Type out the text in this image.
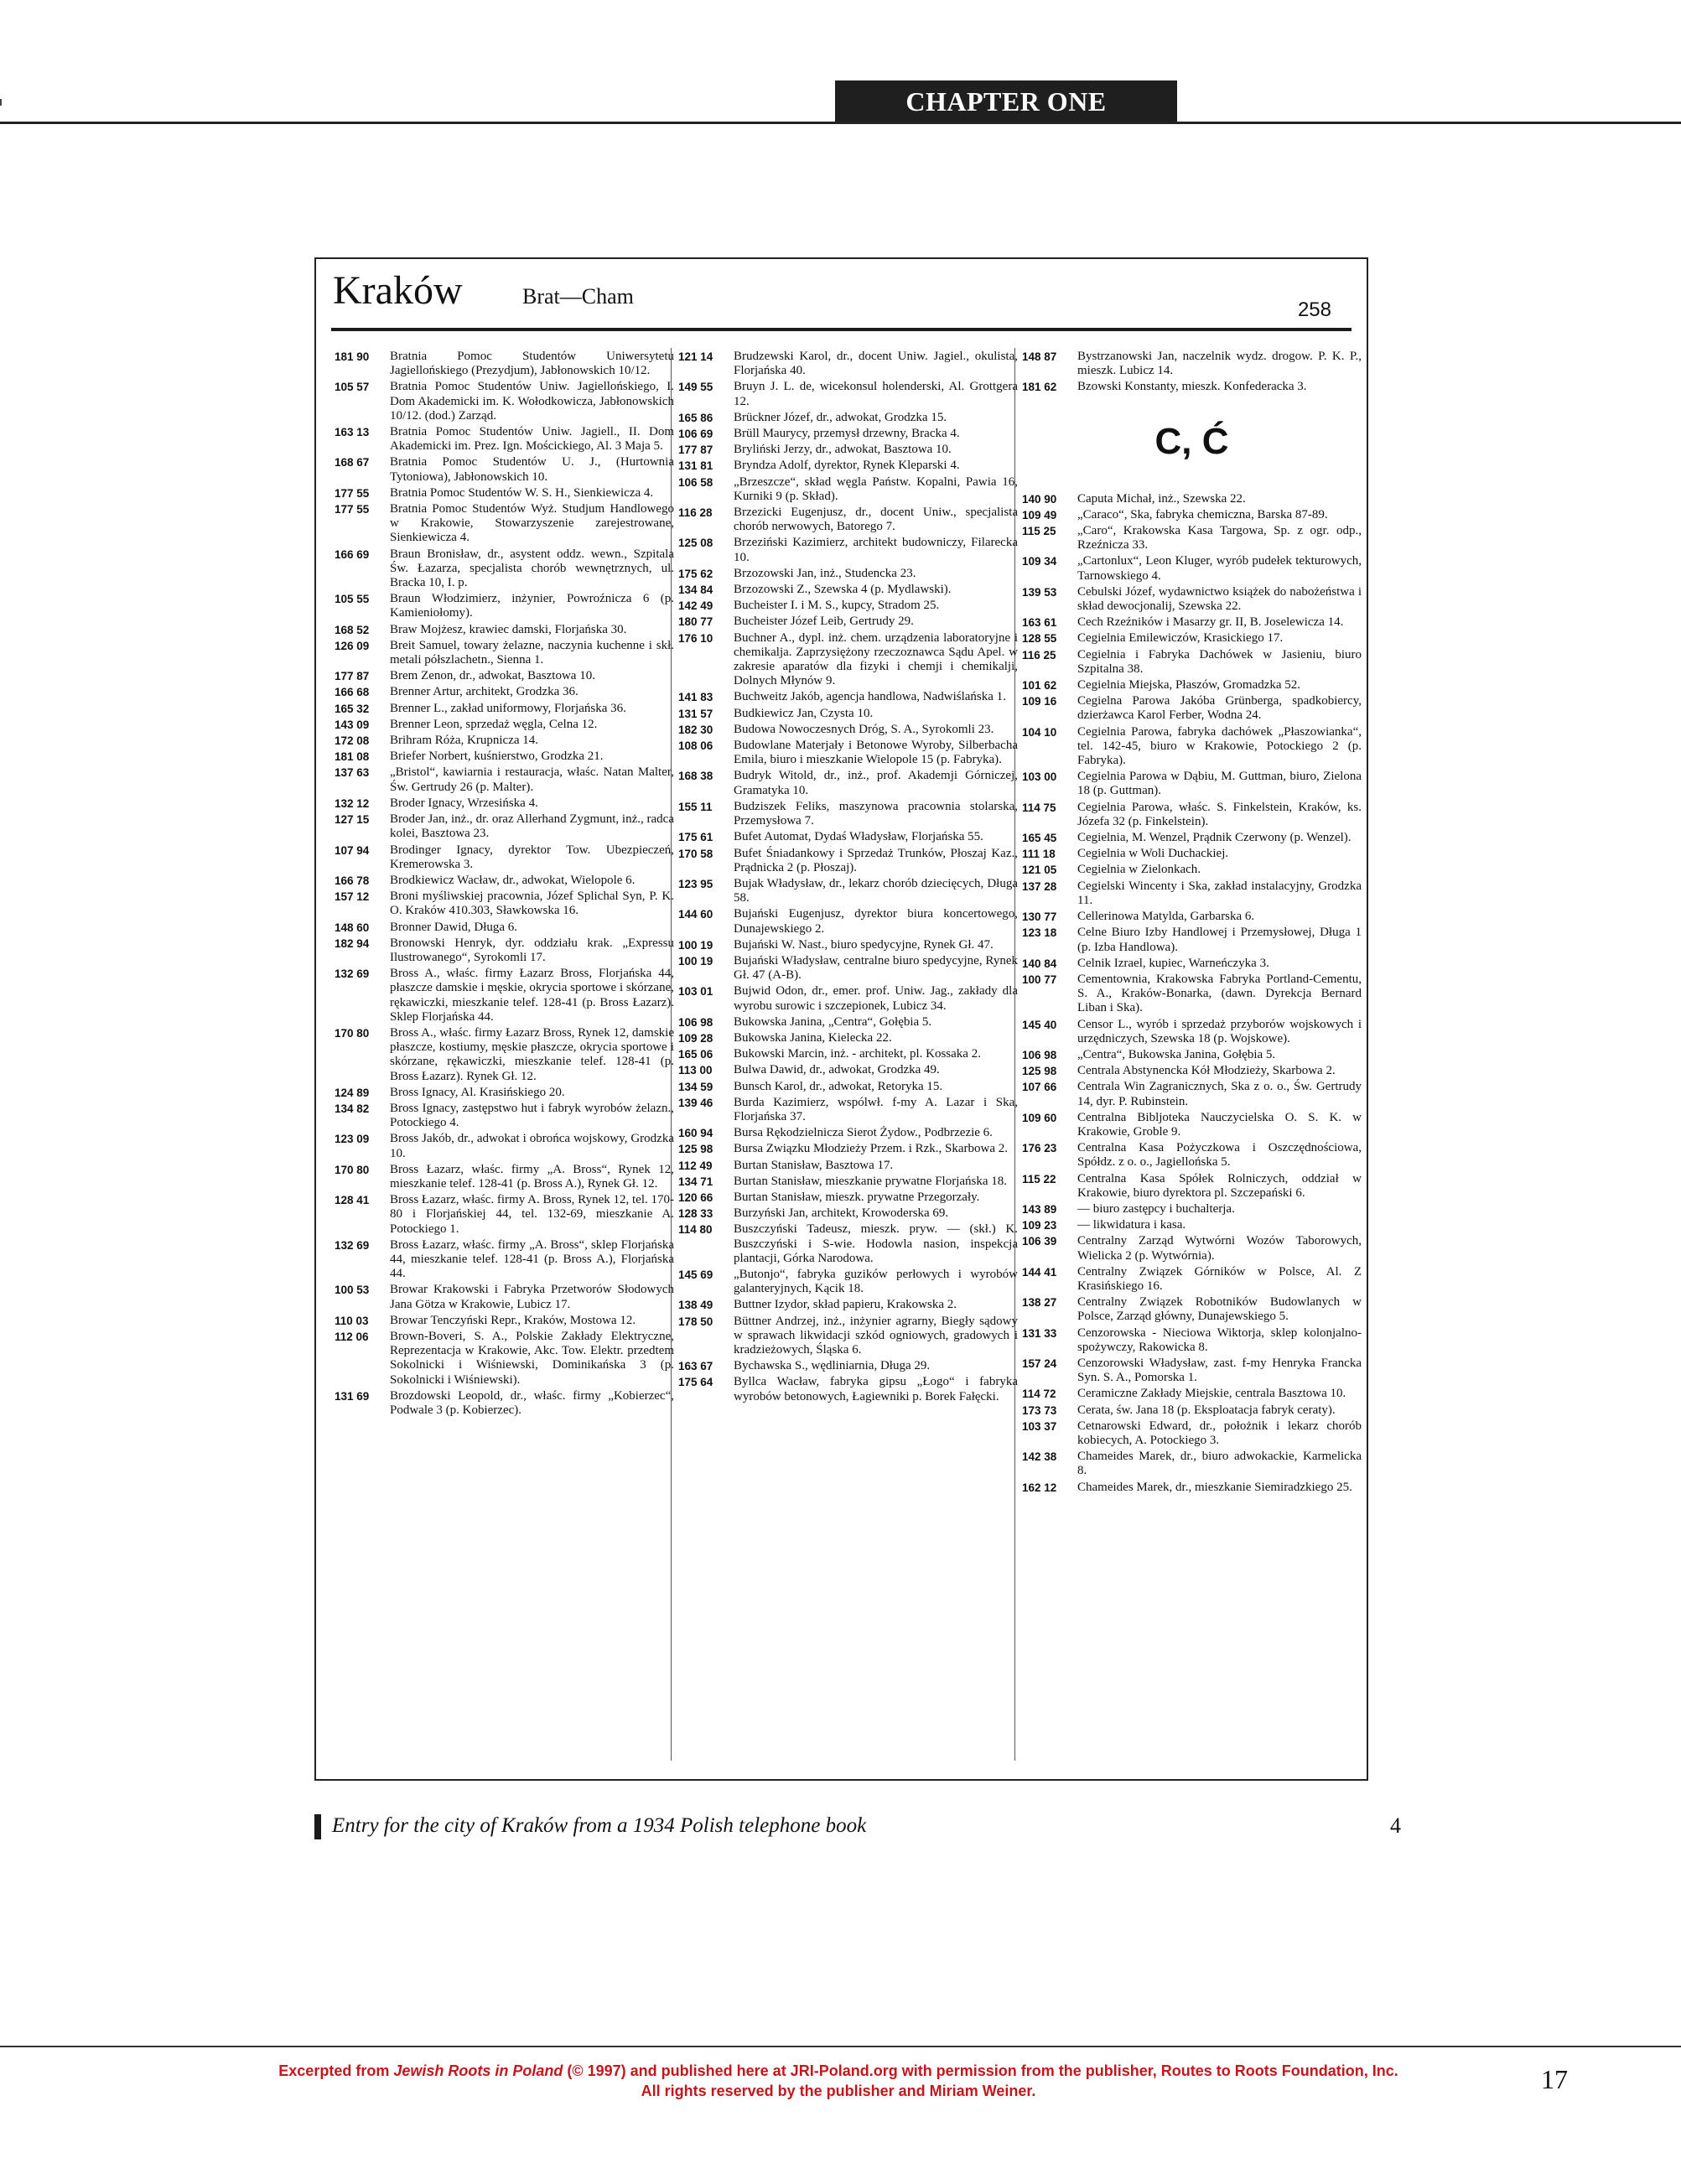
CHAPTER ONE
Kraków	Brat—Cham
258
181 90	Bratnia Pomoc Studentów Uniwersytetu Jagiellońskiego (Prezydjum), Jabłonowskich 10/12.
105 57	Bratnia Pomoc Studentów Uniw. Jagiellońskiego, I. Dom Akademicki im. K. Wołodkowicza, Jabłonowskich 10/12. (dod.) Zarząd.
163 13	Bratnia Pomoc Studentów Uniw. Jagiell., II. Dom Akademicki im. Prez. Ign. Mościckiego, Al. 3 Maja 5.
168 67	Bratnia Pomoc Studentów U. J., (Hurtownia Tytoniowa), Jabłonowskich 10.
177 55	Bratnia Pomoc Studentów W. S. H., Sienkiewicza 4.
177 55	Bratnia Pomoc Studentów Wyż. Studjum Handlowego w Krakowie, Stowarzyszenie zarejestrowane, Sienkiewicza 4.
166 69	Braun Bronisław, dr., asystent oddz. wewn., Szpitala Św. Łazarza, specjalista chorób wewnętrznych, ul. Bracka 10, I. p.
105 55	Braun Włodzimierz, inżynier, Powroźnicza 6 (p. Kamieniołomy).
168 52	Braw Mojżesz, krawiec damski, Florjańska 30.
126 09	Breit Samuel, towary żelazne, naczynia kuchenne i skł. metali półszlachetn., Sienna 1.
177 87	Brem Zenon, dr., adwokat, Basztowa 10.
166 68	Brenner Artur, architekt, Grodzka 36.
165 32	Brenner L., zakład uniformowy, Florjańska 36.
143 09	Brenner Leon, sprzedaż węgla, Celna 12.
172 08	Brihram Róża, Krupnicza 14.
181 08	Briefer Norbert, kuśnierstwo, Grodzka 21.
137 63	„Bristol“, kawiarnia i restauracja, właśc. Natan Malter, Św. Gertrudy 26 (p. Malter).
132 12	Broder Ignacy, Wrzesińska 4.
127 15	Broder Jan, inż., dr. oraz Allerhand Zygmunt, inż., radca kolei, Basztowa 23.
107 94	Brodinger Ignacy, dyrektor Tow. Ubezpieczeń, Kremerowska 3.
166 78	Brodkiewicz Wacław, dr., adwokat, Wielopole 6.
157 12	Broni myśliwskiej pracownia, Józef Splichal Syn, P. K. O. Kraków 410.303, Sławkowska 16.
148 60	Bronner Dawid, Długa 6.
182 94	Bronowski Henryk, dyr. oddziału krak. „Expressu Ilustrowanego“, Syrokomli 17.
132 69	Bross A., właśc. firmy Łazarz Bross, Florjańska 44, płaszcze damskie i męskie, okrycia sportowe i skórzane, rękawiczki, mieszkanie telef. 128-41 (p. Bross Łazarz). Sklep Florjańska 44.
170 80	Bross A., właśc. firmy Łazarz Bross, Rynek 12, damskie płaszcze, kostiumy, męskie płaszcze, okrycia sportowe i skórzane, rękawiczki, mieszkanie telef. 128-41 (p. Bross Łazarz). Rynek Gł. 12.
124 89	Bross Ignacy, Al. Krasińskiego 20.
134 82	Bross Ignacy, zastępstwo hut i fabryk wyrobów żelazn., Potockiego 4.
123 09	Bross Jakób, dr., adwokat i obrońca wojskowy, Grodzka 10.
170 80	Bross Łazarz, właśc. firmy „A. Bross“, Rynek 12, mieszkanie telef. 128-41 (p. Bross A.), Rynek Gł. 12.
128 41	Bross Łazarz, właśc. firmy A. Bross, Rynek 12, tel. 170-80 i Florjańskiej 44, tel. 132-69, mieszkanie A. Potockiego 1.
132 69	Bross Łazarz, właśc. firmy „A. Bross“, sklep Florjańska 44, mieszkanie telef. 128-41 (p. Bross A.), Florjańska 44.
100 53	Browar Krakowski i Fabryka Przetworów Słodowych Jana Götza w Krakowie, Lubicz 17.
110 03	Browar Tenczyński Repr., Kraków, Mostowa 12.
112 06	Brown-Boveri, S. A., Polskie Zakłady Elektryczne, Reprezentacja w Krakowie, Akc. Tow. Elektr. przedtem Sokolnicki i Wiśniewski, Dominikańska 3 (p. Sokolnicki i Wiśniewski).
131 69	Brozdowski Leopold, dr., właśc. firmy „Kobierzec“, Podwale 3 (p. Kobierzec).
121 14	Brudzewski Karol, dr., docent Uniw. Jagiel., okulista, Florjańska 40.
149 55	Bruyn J. L. de, wicekonsul holenderski, Al. Grottgera 12.
165 86	Brückner Józef, dr., adwokat, Grodzka 15.
106 69	Brüll Maurycy, przemysł drzewny, Bracka 4.
177 87	Bryliński Jerzy, dr., adwokat, Basztowa 10.
131 81	Bryndza Adolf, dyrektor, Rynek Kleparski 4.
106 58	„Brzeszcze“, skład węgla Państw. Kopalni, Pawia 16, Kurniki 9 (p. Skład).
116 28	Brzezicki Eugenjusz, dr., docent Uniw., specjalista chorób nerwowych, Batorego 7.
125 08	Brzeziński Kazimierz, architekt budowniczy, Filarecka 10.
175 62	Brzozowski Jan, inż., Studencka 23.
134 84	Brzozowski Z., Szewska 4 (p. Mydlawski).
142 49	Bucheister I. i M. S., kupcy, Stradom 25.
180 77	Bucheister Józef Leib, Gertrudy 29.
176 10	Buchner A., dypl. inż. chem. urządzenia laboratoryjne i chemikalja. Zaprzysiężony rzeczoznawca Sądu Apel. w zakresie aparatów dla fizyki i chemji i chemikalji, Dolnych Młynów 9.
141 83	Buchweitz Jakób, agencja handlowa, Nadwiślańska 1.
131 57	Budkiewicz Jan, Czysta 10.
182 30	Budowa Nowoczesnych Dróg, S. A., Syrokomli 23.
108 06	Budowlane Materjały i Betonowe Wyroby, Silberbacha Emila, biuro i mieszkanie Wielopole 15 (p. Fabryka).
168 38	Budryk Witold, dr., inż., prof. Akademji Górniczej, Gramatyka 10.
155 11	Budziszek Feliks, maszynowa pracownia stolarska, Przemysłowa 7.
175 61	Bufet Automat, Dydaś Władysław, Florjańska 55.
170 58	Bufet Śniadankowy i Sprzedaż Trunków, Płoszaj Kaz., Prądnicka 2 (p. Płoszaj).
123 95	Bujak Władysław, dr., lekarz chorób dziecięcych, Długa 58.
144 60	Bujański Eugenjusz, dyrektor biura koncertowego, Dunajewskiego 2.
100 19	Bujański W. Nast., biuro spedycyjne, Rynek Gł. 47.
100 19	Bujański Władysław, centralne biuro spedycyjne, Rynek Gł. 47 (A-B).
103 01	Bujwid Odon, dr., emer. prof. Uniw. Jag., zakłady dla wyrobu surowic i szczepionek, Lubicz 34.
106 98	Bukowska Janina, „Centra“, Gołębia 5.
109 28	Bukowska Janina, Kielecka 22.
165 06	Bukowski Marcin, inż. - architekt, pl. Kossaka 2.
113 00	Bulwa Dawid, dr., adwokat, Grodzka 49.
134 59	Bunsch Karol, dr., adwokat, Retoryka 15.
139 46	Burda Kazimierz, wspólwł. f-my A. Lazar i Ska, Florjańska 37.
160 94	Bursa Rękodzielnicza Sierot Żydow., Podbrzezie 6.
125 98	Bursa Związku Młodzieży Przem. i Rzk., Skarbowa 2.
112 49	Burtan Stanisław, Basztowa 17.
134 71	Burtan Stanisław, mieszkanie prywatne Florjańska 18.
120 66	Burtan Stanisław, mieszk. prywatne Przegorzały.
128 33	Burzyński Jan, architekt, Krowoderska 69.
114 80	Buszczyński Tadeusz, mieszk. pryw. — (skł.) K. Buszczyński i S-wie. Hodowla nasion, inspekcja plantacji, Górka Narodowa.
145 69	„Butonjo“, fabryka guzików perłowych i wyrobów galanteryjnych, Kącik 18.
138 49	Buttner Izydor, skład papieru, Krakowska 2.
178 50	Büttner Andrzej, inż., inżynier agrarny, Biegły sądowy w sprawach likwidacji szkód ogniowych, gradowych i kradzieżowych, Śląska 6.
163 67	Bychawska S., wędliniarnia, Długa 29.
175 64	Byllca Wacław, fabryka gipsu „Łogo“ i fabryka wyrobów betonowych, Łagiewniki p. Borek Fałęcki.
148 87	Bystrzanowski Jan, naczelnik wydz. drogow. P. K. P., mieszk. Lubicz 14.
181 62	Bzowski Konstanty, mieszk. Konfederacka 3.
C, Ć
140 90	Caputa Michał, inż., Szewska 22.
109 49	„Caraco“, Ska, fabryka chemiczna, Barska 87-89.
115 25	„Caro“, Krakowska Kasa Targowa, Sp. z ogr. odp., Rzeźnicza 33.
109 34	„Cartonlux“, Leon Kluger, wyrób pudełek tekturowych, Tarnowskiego 4.
139 53	Cebulski Józef, wydawnictwo książek do nabożeństwa i skład dewocjonalij, Szewska 22.
163 61	Cech Rzeźników i Masarzy gr. II, B. Joselewicza 14.
128 55	Cegielnia Emilewiczów, Krasickiego 17.
116 25	Cegielnia i Fabryka Dachówek w Jasieniu, biuro Szpitalna 38.
101 62	Cegielnia Miejska, Płaszów, Gromadzka 52.
109 16	Cegielna Parowa Jakóba Grünberga, spadkobiercy, dzierżawca Karol Ferber, Wodna 24.
104 10	Cegielnia Parowa, fabryka dachówek „Płaszowianka“, tel. 142-45, biuro w Krakowie, Potockiego 2 (p. Fabryka).
103 00	Cegielnia Parowa w Dąbiu, M. Guttman, biuro, Zielona 18 (p. Guttman).
114 75	Cegielnia Parowa, właśc. S. Finkelstein, Kraków, ks. Józefa 32 (p. Finkelstein).
165 45	Cegielnia, M. Wenzel, Prądnik Czerwony (p. Wenzel).
111 18	Cegielnia w Woli Duchackiej.
121 05	Cegielnia w Zielonkach.
137 28	Cegielski Wincenty i Ska, zakład instalacyjny, Grodzka 11.
130 77	Cellerinowa Matylda, Garbarska 6.
123 18	Celne Biuro Izby Handlowej i Przemysłowej, Długa 1 (p. Izba Handlowa).
140 84	Celnik Izrael, kupiec, Warneńczyka 3.
100 77	Cementownia, Krakowska Fabryka Portland-Cementu, S. A., Kraków-Bonarka, (dawn. Dyrekcja Bernard Liban i Ska).
145 40	Censor L., wyrób i sprzedaż przyborów wojskowych i urzędniczych, Szewska 18 (p. Wojskowe).
106 98	„Centra“, Bukowska Janina, Gołębia 5.
125 98	Centrala Abstynencka Kół Młodzieży, Skarbowa 2.
107 66	Centrala Win Zagranicznych, Ska z o. o., Św. Gertrudy 14, dyr. P. Rubinstein.
109 60	Centralna Bibljoteka Nauczycielska O. S. K. w Krakowie, Groble 9.
176 23	Centralna Kasa Pożyczkowa i Oszczędnościowa, Spółdz. z o. o., Jagiellońska 5.
115 22	Centralna Kasa Spółek Rolniczych, oddział w Krakowie, biuro dyrektora pl. Szczepański 6.
143 89	— biuro zastępcy i buchalterja.
109 23	— likwidatura i kasa.
106 39	Centralny Zarząd Wytwórni Wozów Taborowych, Wielicka 2 (p. Wytwórnia).
144 41	Centralny Związek Górników w Polsce, Al. Z Krasińskiego 16.
138 27	Centralny Związek Robotników Budowlanych w Polsce, Zarząd główny, Dunajewskiego 5.
131 33	Cenzorowska - Nieciowa Wiktorja, sklep kolonjalno-spożywczy, Rakowicka 8.
157 24	Cenzorowski Władysław, zast. f-my Henryka Francka Syn. S. A., Pomorska 1.
114 72	Ceramiczne Zakłady Miejskie, centrala Basztowa 10.
173 73	Cerata, św. Jana 18 (p. Eksploatacja fabryk ceraty).
103 37	Cetnarowski Edward, dr., położnik i lekarz chorób kobiecych, A. Potockiego 3.
142 38	Chameides Marek, dr., biuro adwokackie, Karmelicka 8.
162 12	Chameides Marek, dr., mieszkanie Siemiradzkiego 25.
Entry for the city of Kraków from a 1934 Polish telephone book	4
Excerpted from Jewish Roots in Poland (© 1997) and published here at JRI-Poland.org with permission from the publisher, Routes to Roots Foundation, Inc.
All rights reserved by the publisher and Miriam Weiner.	17
